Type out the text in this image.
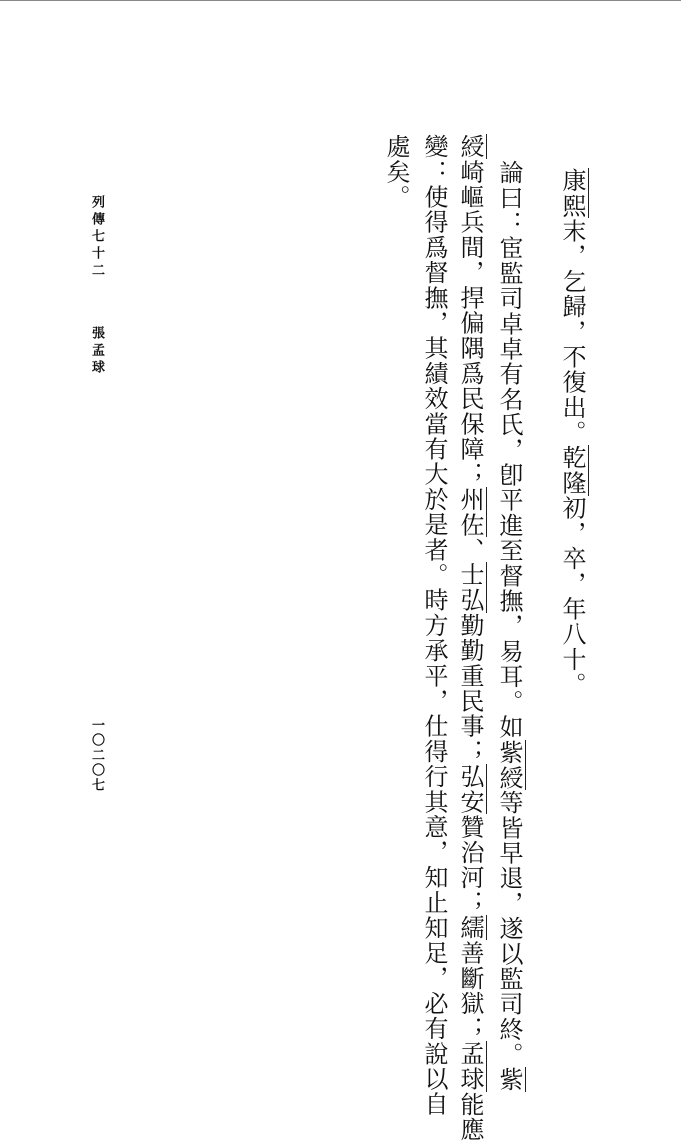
康熙末，乞歸，不復出。乾隆初，卒，年八十。
論曰：宦監司卓卓有名氏，卽平進至督撫，易耳。如紫綬等皆早退，遂以監司終。紫
綬崎嶇兵間，捍偏隅爲民保障；州佐、士弘勤勤重民事；弘安贊治河；繻善斷獄；孟球能應
變：使得爲督撫，其績效當有大於是者。時方承平，仕得行其意，知止知足，必有說以自
處矣。
列傳七十二
張孟球
一〇二〇七
